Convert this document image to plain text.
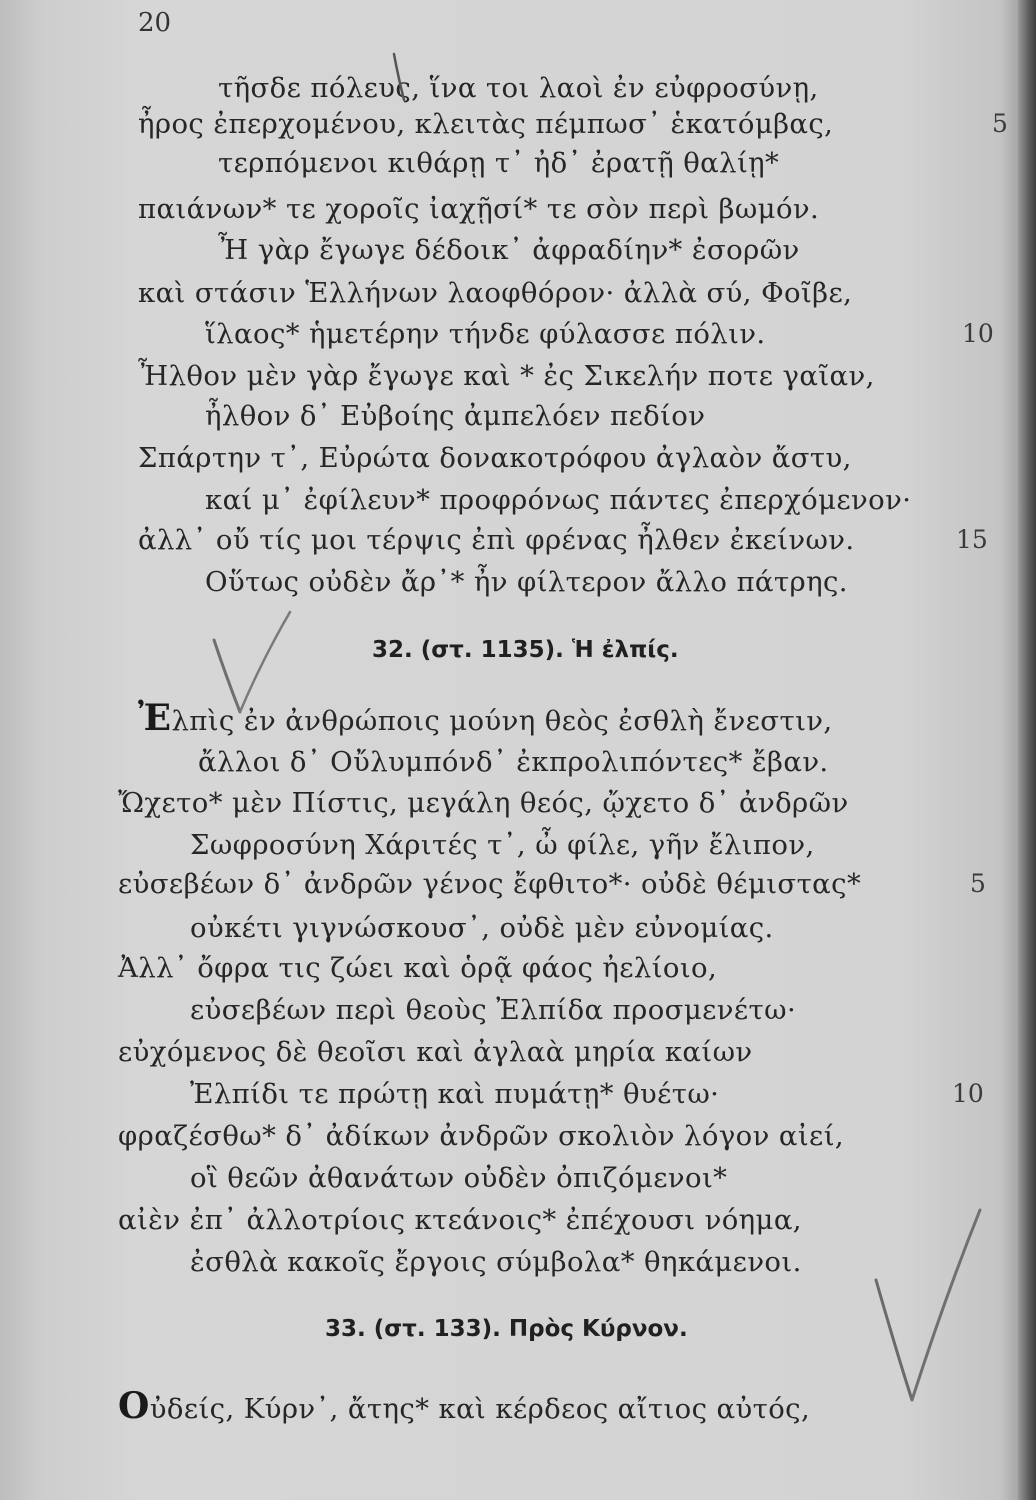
20
τῆσδε πόλευς, ἵνα τοι λαοὶ ἐν εὐφροσύνῃ,
ἦρος ἐπερχομένου, κλειτὰς πέμπωσ᾽ ἑκατόμβας,	5
τερπόμενοι κιθάρῃ τ᾽ ἠδ᾽ ἐρατῇ θαλίῃ*
παιάνων* τε χοροῖς ἰαχῇσί* τε σὸν περὶ βωμόν.
Ἦ γὰρ ἔγωγε δέδοικ᾽ ἀφραδίην* ἐσορῶν
καὶ στάσιν Ἑλλήνων λαοφθόρον· ἀλλὰ σύ, Φοῖβε,
ἵλαος* ἡμετέρην τήνδε φύλασσε πόλιν.	10
Ἦλθον μὲν γὰρ ἔγωγε καὶ * ἐς Σικελήν ποτε γαῖαν,
ἦλθον δ᾽ Εὐβοίης ἀμπελόεν πεδίον
Σπάρτην τ᾽, Εὐρώτα δονακοτρόφου ἀγλαὸν ἄστυ,
καί μ᾽ ἐφίλευν* προφρόνως πάντες ἐπερχόμενον·
ἀλλ᾽ οὔ τίς μοι τέρψις ἐπὶ φρένας ἦλθεν ἐκείνων.	15
Οὕτως οὐδὲν ἄρ᾽* ἦν φίλτερον ἄλλο πάτρης.
32. (στ. 1135). Ἡ ἐλπίς.
Ἐλπὶς ἐν ἀνθρώποις μούνη θεὸς ἐσθλὴ ἔνεστιν,
ἄλλοι δ᾽ Οὔλυμπόνδ᾽ ἐκπρολιπόντες* ἔβαν.
Ὤχετο* μὲν Πίστις, μεγάλη θεός, ᾤχετο δ᾽ ἀνδρῶν
Σωφροσύνη Χάριτές τ᾽, ὦ φίλε, γῆν ἔλιπον,
εὐσεβέων δ᾽ ἀνδρῶν γένος ἔφθιτο*· οὐδὲ θέμιστας*	5
οὐκέτι γιγνώσκουσ᾽, οὐδὲ μὲν εὐνομίας.
Ἀλλ᾽ ὄφρα τις ζώει καὶ ὁρᾷ φάος ἠελίοιο,
εὐσεβέων περὶ θεοὺς Ἐλπίδα προσμενέτω·
εὐχόμενος δὲ θεοῖσι καὶ ἀγλαὰ μηρία καίων
Ἐλπίδι τε πρώτῃ καὶ πυμάτῃ* θυέτω·	10
φραζέσθω* δ᾽ ἀδίκων ἀνδρῶν σκολιὸν λόγον αἰεί,
οἳ θεῶν ἀθανάτων οὐδὲν ὀπιζόμενοι*
αἰὲν ἐπ᾽ ἀλλοτρίοις κτεάνοις* ἐπέχουσι νόημα,
ἐσθλὰ κακοῖς ἔργοις σύμβολα* θηκάμενοι.
33. (στ. 133). Πρὸς Κύρνον.
Οὐδείς, Κύρν᾽, ἄτης* καὶ κέρδεος αἴτιος αὐτός,
